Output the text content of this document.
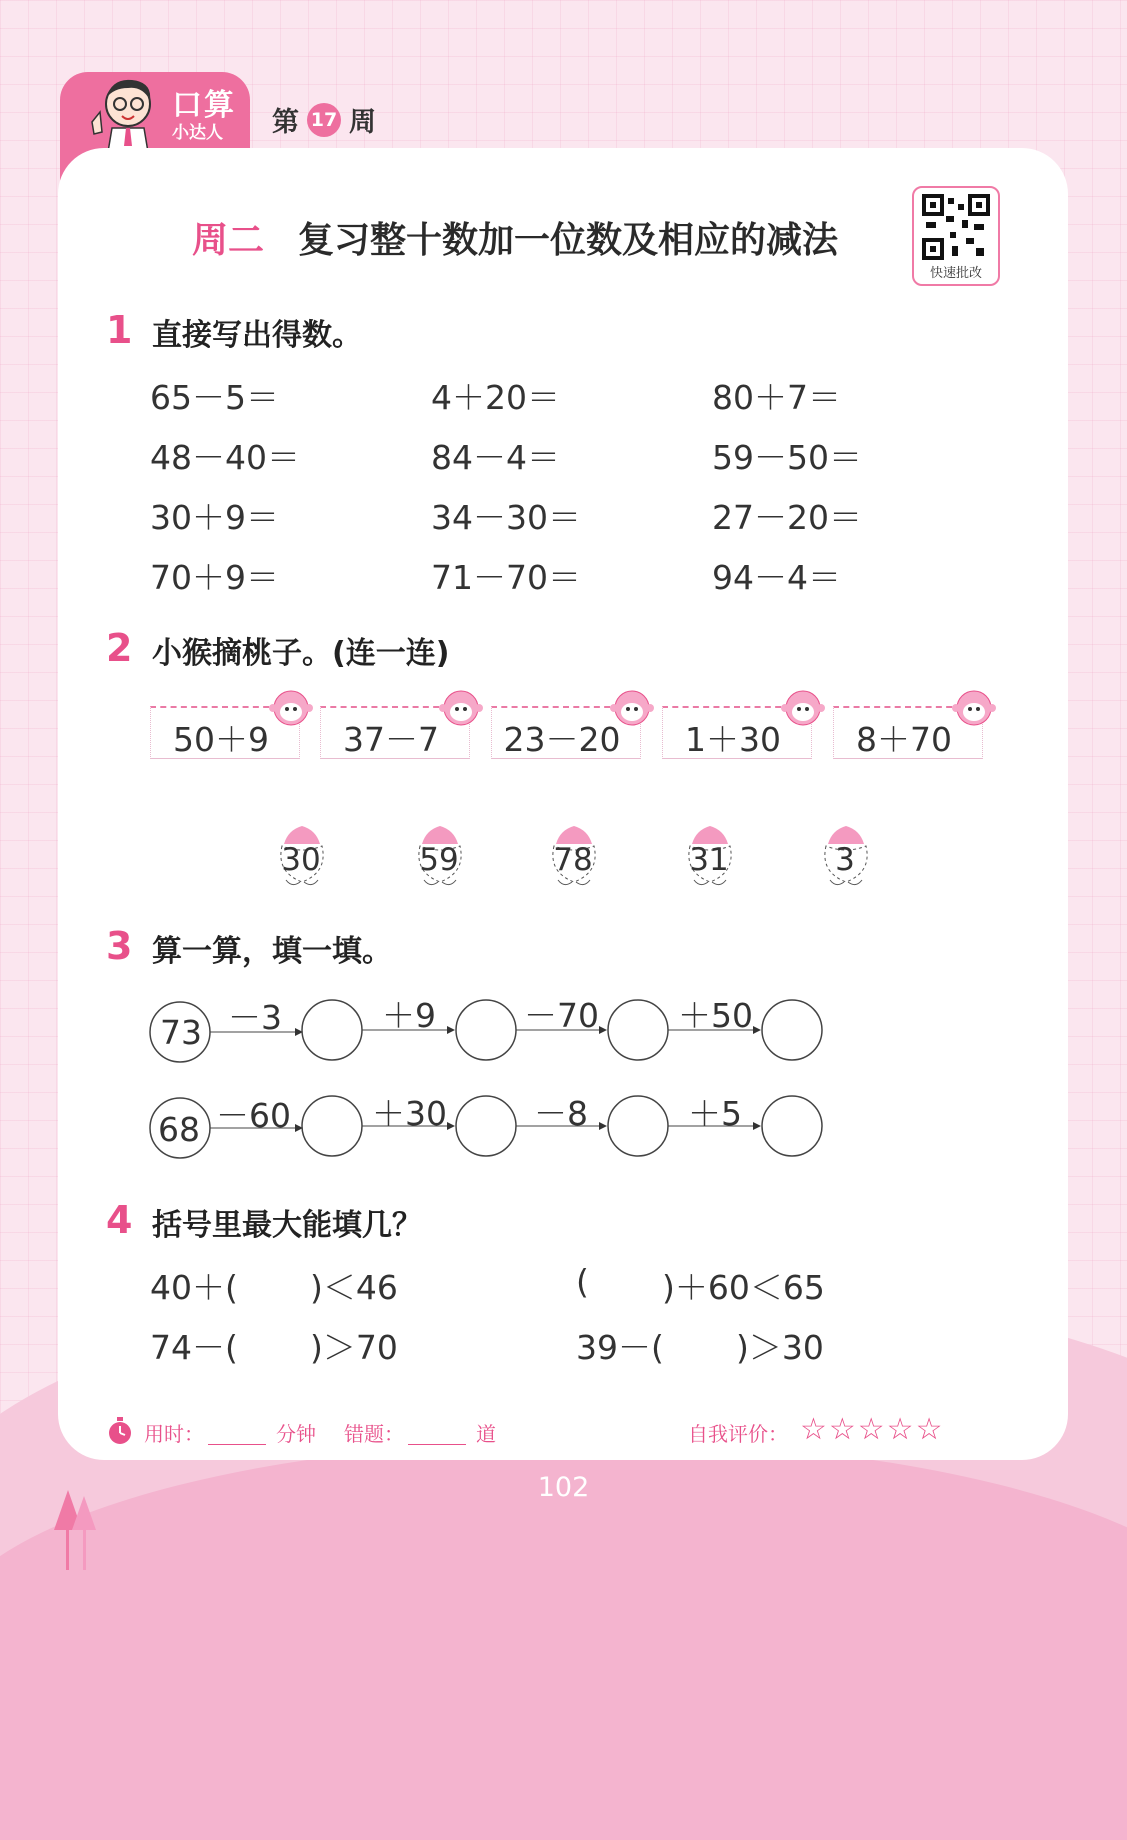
口算
小达人 第 17 周
周二 复习整十数加一位数及相应的减法
快速批改
1 直接写出得数。
65－5＝	4＋20＝	80＋7＝
48－40＝	84－4＝	59－50＝
30＋9＝	34－30＝	27－20＝
70＋9＝	71－70＝	94－4＝
2 小猴摘桃子。(连一连)
50＋9	37－7	23－20	1＋30	8＋70
30	59	78	31	3
3 算一算，填一填。
73 －3	＋9	－70 ＋50
68 －60 ＋30	－8	＋5
4 括号里最大能填几？
40＋( )＜46	( )＋60＜65
74－( )＞70	39－( )＞30
用时：	分钟 错题：	道	自我评价： ☆☆☆☆☆
102
